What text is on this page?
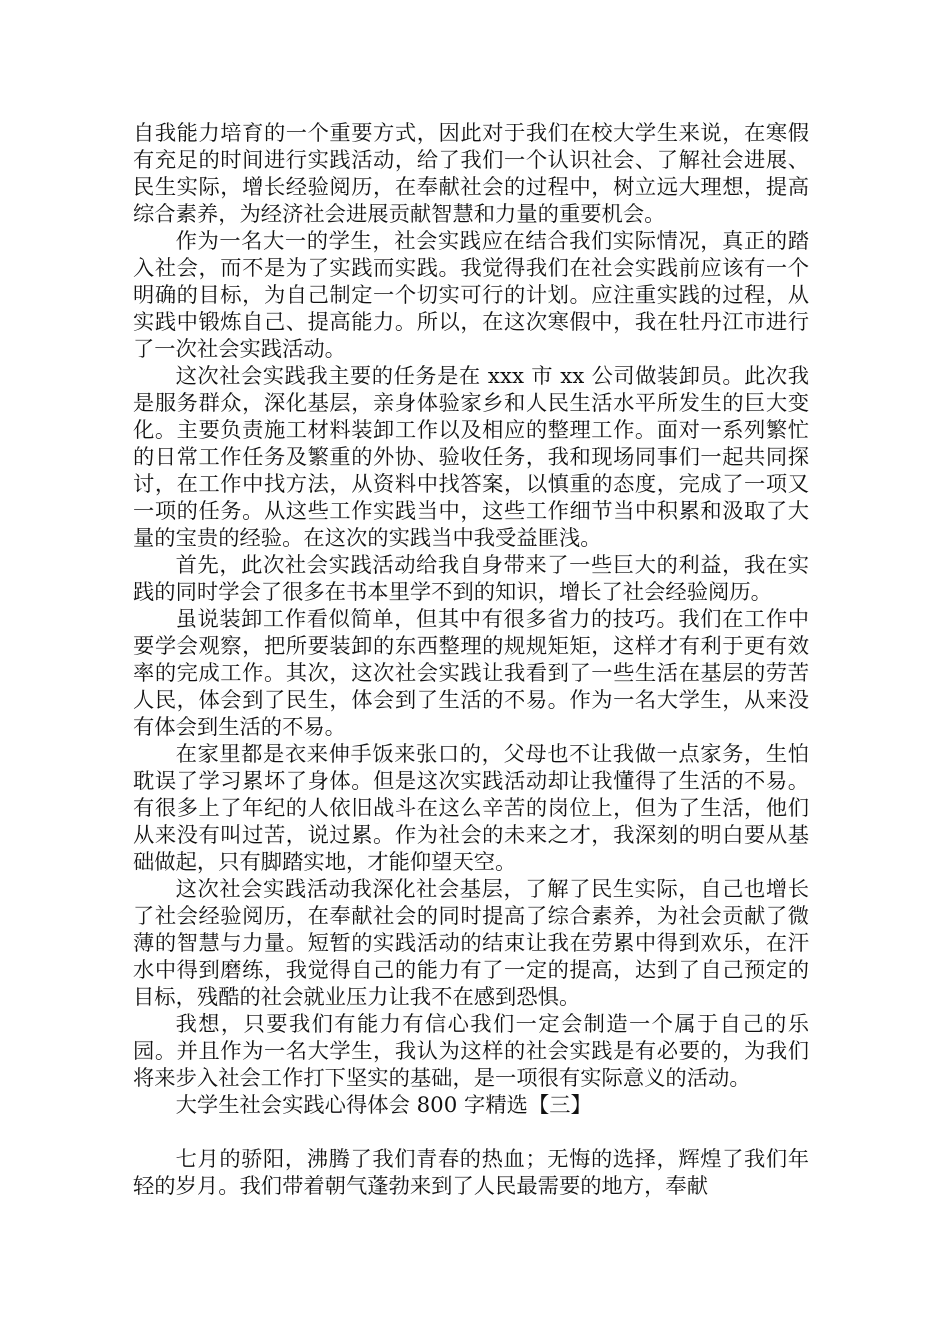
自我能力培育的一个重要方式，因此对于我们在校大学生来说，在寒假有充足的时间进行实践活动，给了我们一个认识社会、了解社会进展、民生实际，增长经验阅历，在奉献社会的过程中，树立远大理想，提高综合素养，为经济社会进展贡献智慧和力量的重要机会。

作为一名大一的学生，社会实践应在结合我们实际情况，真正的踏入社会，而不是为了实践而实践。我觉得我们在社会实践前应该有一个明确的目标，为自己制定一个切实可行的计划。应注重实践的过程，从实践中锻炼自己、提高能力。所以，在这次寒假中，我在牡丹江市进行了一次社会实践活动。

这次社会实践我主要的任务是在 xxx 市 xx 公司做装卸员。此次我是服务群众，深化基层，亲身体验家乡和人民生活水平所发生的巨大变化。主要负责施工材料装卸工作以及相应的整理工作。面对一系列繁忙的日常工作任务及繁重的外协、验收任务，我和现场同事们一起共同探讨，在工作中找方法，从资料中找答案，以慎重的态度，完成了一项又一项的任务。从这些工作实践当中，这些工作细节当中积累和汲取了大量的宝贵的经验。在这次的实践当中我受益匪浅。

首先，此次社会实践活动给我自身带来了一些巨大的利益，我在实践的同时学会了很多在书本里学不到的知识，增长了社会经验阅历。

虽说装卸工作看似简单，但其中有很多省力的技巧。我们在工作中要学会观察，把所要装卸的东西整理的规规矩矩，这样才有利于更有效率的完成工作。其次，这次社会实践让我看到了一些生活在基层的劳苦人民，体会到了民生，体会到了生活的不易。作为一名大学生，从来没有体会到生活的不易。

在家里都是衣来伸手饭来张口的，父母也不让我做一点家务，生怕耽误了学习累坏了身体。但是这次实践活动却让我懂得了生活的不易。有很多上了年纪的人依旧战斗在这么辛苦的岗位上，但为了生活，他们从来没有叫过苦，说过累。作为社会的未来之才，我深刻的明白要从基础做起，只有脚踏实地，才能仰望天空。

这次社会实践活动我深化社会基层，了解了民生实际，自己也增长了社会经验阅历，在奉献社会的同时提高了综合素养，为社会贡献了微薄的智慧与力量。短暂的实践活动的结束让我在劳累中得到欢乐，在汗水中得到磨练，我觉得自己的能力有了一定的提高，达到了自己预定的目标，残酷的社会就业压力让我不在感到恐惧。

我想，只要我们有能力有信心我们一定会制造一个属于自己的乐园。并且作为一名大学生，我认为这样的社会实践是有必要的，为我们将来步入社会工作打下坚实的基础，是一项很有实际意义的活动。

大学生社会实践心得体会 800 字精选【三】

七月的骄阳，沸腾了我们青春的热血；无悔的选择，辉煌了我们年轻的岁月。我们带着朝气蓬勃来到了人民最需要的地方，奉献
